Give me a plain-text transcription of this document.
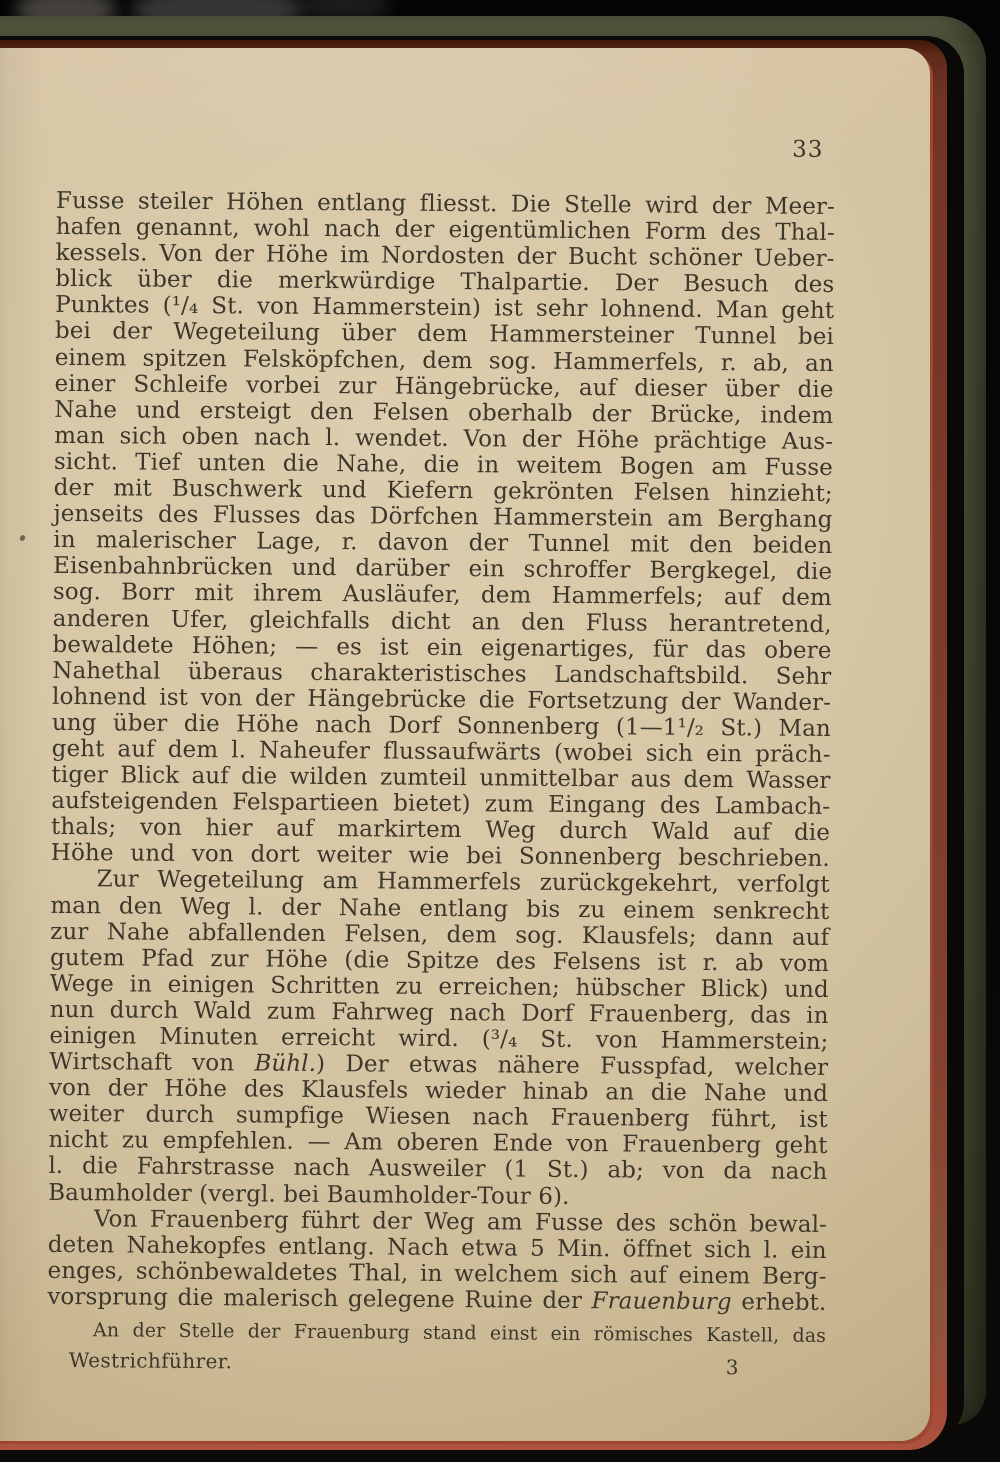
33
Fusse steiler Höhen entlang fliesst. Die Stelle wird der Meer-
hafen genannt, wohl nach der eigentümlichen Form des Thal-
kessels. Von der Höhe im Nordosten der Bucht schöner Ueber-
blick über die merkwürdige Thalpartie. Der Besuch des
Punktes (¹/₄ St. von Hammerstein) ist sehr lohnend. Man geht
bei der Wegeteilung über dem Hammersteiner Tunnel bei
einem spitzen Felsköpfchen, dem sog. Hammerfels, r. ab, an
einer Schleife vorbei zur Hängebrücke, auf dieser über die
Nahe und ersteigt den Felsen oberhalb der Brücke, indem
man sich oben nach l. wendet. Von der Höhe prächtige Aus-
sicht. Tief unten die Nahe, die in weitem Bogen am Fusse
der mit Buschwerk und Kiefern gekrönten Felsen hinzieht;
jenseits des Flusses das Dörfchen Hammerstein am Berghang
in malerischer Lage, r. davon der Tunnel mit den beiden
Eisenbahnbrücken und darüber ein schroffer Bergkegel, die
sog. Borr mit ihrem Ausläufer, dem Hammerfels; auf dem
anderen Ufer, gleichfalls dicht an den Fluss herantretend,
bewaldete Höhen; — es ist ein eigenartiges, für das obere
Nahethal überaus charakteristisches Landschaftsbild. Sehr
lohnend ist von der Hängebrücke die Fortsetzung der Wander-
ung über die Höhe nach Dorf Sonnenberg (1—1¹/₂ St.) Man
geht auf dem l. Naheufer flussaufwärts (wobei sich ein präch-
tiger Blick auf die wilden zumteil unmittelbar aus dem Wasser
aufsteigenden Felspartieen bietet) zum Eingang des Lambach-
thals; von hier auf markirtem Weg durch Wald auf die
Höhe und von dort weiter wie bei Sonnenberg beschrieben.
Zur Wegeteilung am Hammerfels zurückgekehrt, verfolgt
man den Weg l. der Nahe entlang bis zu einem senkrecht
zur Nahe abfallenden Felsen, dem sog. Klausfels; dann auf
gutem Pfad zur Höhe (die Spitze des Felsens ist r. ab vom
Wege in einigen Schritten zu erreichen; hübscher Blick) und
nun durch Wald zum Fahrweg nach Dorf Frauenberg, das in
einigen Minuten erreicht wird. (³/₄ St. von Hammerstein;
Wirtschaft von Bühl.) Der etwas nähere Fusspfad, welcher
von der Höhe des Klausfels wieder hinab an die Nahe und
weiter durch sumpfige Wiesen nach Frauenberg führt, ist
nicht zu empfehlen. — Am oberen Ende von Frauenberg geht
l. die Fahrstrasse nach Ausweiler (1 St.) ab; von da nach
Baumholder (vergl. bei Baumholder-Tour 6).
Von Frauenberg führt der Weg am Fusse des schön bewal-
deten Nahekopfes entlang. Nach etwa 5 Min. öffnet sich l. ein
enges, schönbewaldetes Thal, in welchem sich auf einem Berg-
vorsprung die malerisch gelegene Ruine der Frauenburg erhebt.
An der Stelle der Frauenburg stand einst ein römisches Kastell, das
Westrichführer.	3
